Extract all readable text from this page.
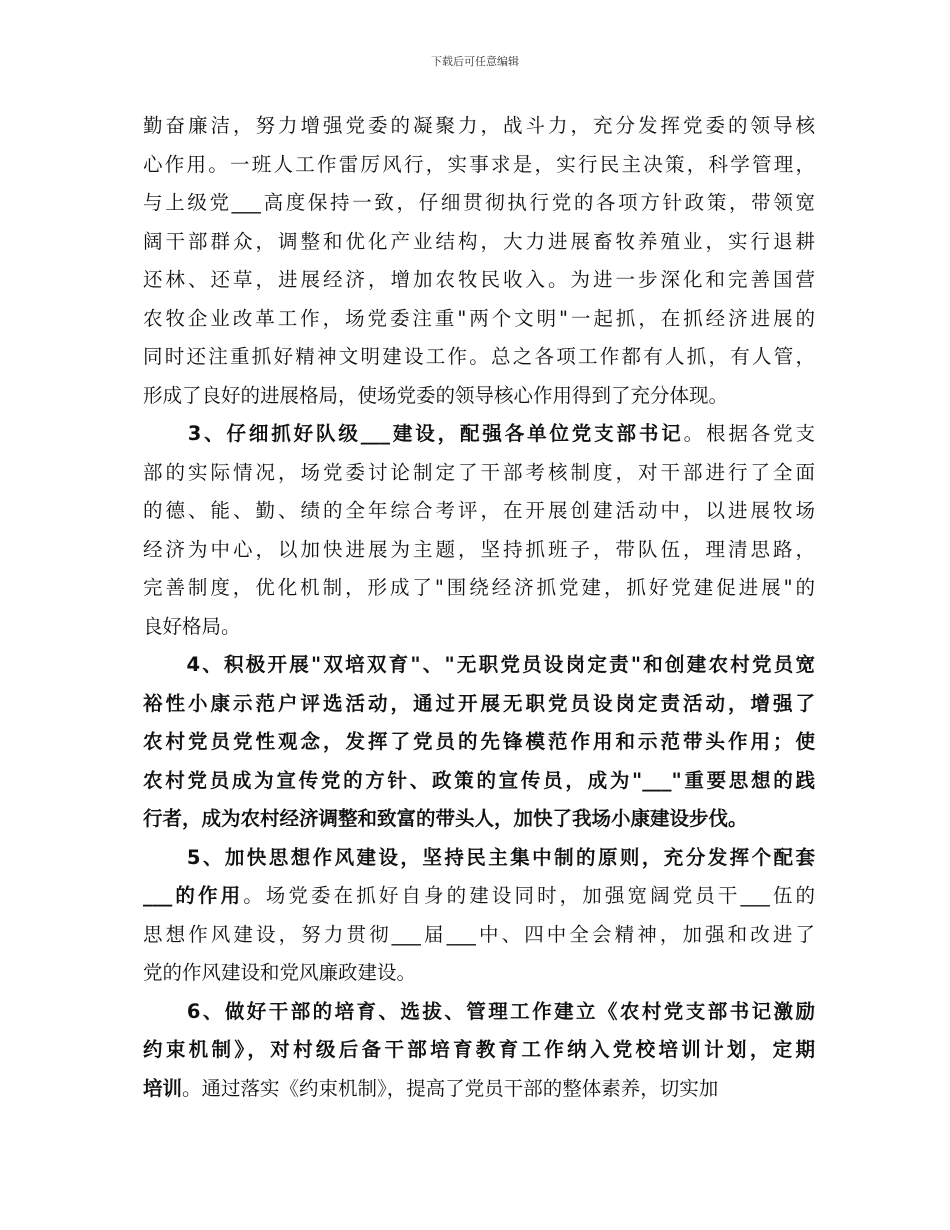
下载后可任意编辑
勤奋廉洁，努力增强党委的凝聚力，战斗力，充分发挥党委的领导核
心作用。一班人工作雷厉风行，实事求是，实行民主决策，科学管理，
与上级党___高度保持一致，仔细贯彻执行党的各项方针政策，带领宽
阔干部群众，调整和优化产业结构，大力进展畜牧养殖业，实行退耕
还林、还草，进展经济，增加农牧民收入。为进一步深化和完善国营
农牧企业改革工作，场党委注重"两个文明"一起抓，在抓经济进展的
同时还注重抓好精神文明建设工作。总之各项工作都有人抓，有人管，
形成了良好的进展格局，使场党委的领导核心作用得到了充分体现。
　　3、仔细抓好队级___建设，配强各单位党支部书记。根据各党支
部的实际情况，场党委讨论制定了干部考核制度，对干部进行了全面
的德、能、勤、绩的全年综合考评，在开展创建活动中，以进展牧场
经济为中心，以加快进展为主题，坚持抓班子，带队伍，理清思路，
完善制度，优化机制，形成了"围绕经济抓党建，抓好党建促进展"的
良好格局。
　　4、积极开展"双培双育"、"无职党员设岗定责"和创建农村党员宽
裕性小康示范户评选活动，通过开展无职党员设岗定责活动，增强了
农村党员党性观念，发挥了党员的先锋模范作用和示范带头作用；使
农村党员成为宣传党的方针、政策的宣传员，成为"___"重要思想的践
行者，成为农村经济调整和致富的带头人，加快了我场小康建设步伐。
　　5、加快思想作风建设，坚持民主集中制的原则，充分发挥个配套
___的作用。场党委在抓好自身的建设同时，加强宽阔党员干___伍的
思想作风建设，努力贯彻___届___中、四中全会精神，加强和改进了
党的作风建设和党风廉政建设。
　　6、做好干部的培育、选拔、管理工作建立《农村党支部书记激励
约束机制》，对村级后备干部培育教育工作纳入党校培训计划，定期
培训。通过落实《约束机制》，提高了党员干部的整体素养，切实加
